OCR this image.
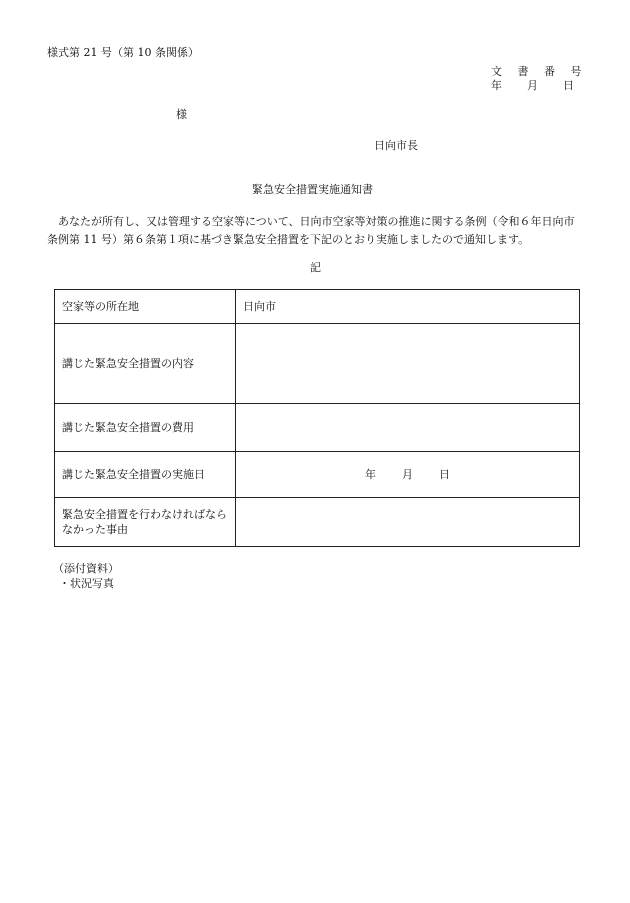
様式第 21 号（第 10 条関係）
文 書 番 号
年 月 日
様
日向市長
緊急安全措置実施通知書
あなたが所有し、又は管理する空家等について、日向市空家等対策の推進に関する条例（令和６年日向市条例第 11 号）第６条第１項に基づき緊急安全措置を下記のとおり実施しましたので通知します。
記
空家等の所在地	日向市
講じた緊急安全措置の内容	
講じた緊急安全措置の費用	
講じた緊急安全措置の実施日	年 月 日
緊急安全措置を行わなければならなかった事由	
（添付資料）
・状況写真
